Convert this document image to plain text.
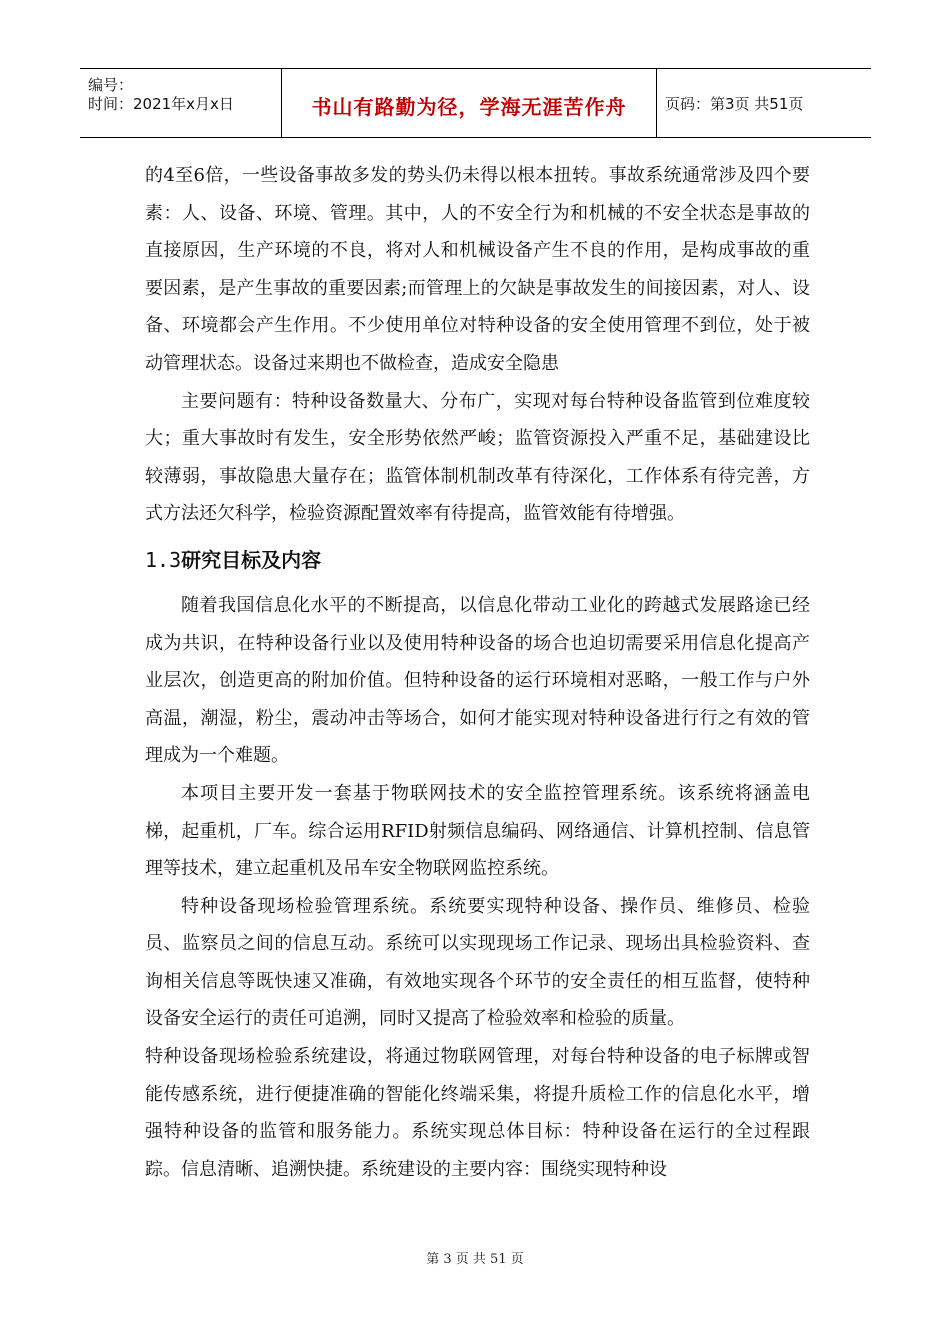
编号：
时间：2021年x月x日	书山有路勤为径，学海无涯苦作舟	页码：第3页 共51页

的4至6倍，一些设备事故多发的势头仍未得以根本扭转。事故系统通常涉及四个要素：人、设备、环境、管理。其中，人的不安全行为和机械的不安全状态是事故的直接原因，生产环境的不良，将对人和机械设备产生不良的作用，是构成事故的重要因素，是产生事故的重要因素;而管理上的欠缺是事故发生的间接因素，对人、设备、环境都会产生作用。不少使用单位对特种设备的安全使用管理不到位，处于被动管理状态。设备过来期也不做检查，造成安全隐患

主要问题有：特种设备数量大、分布广，实现对每台特种设备监管到位难度较大；重大事故时有发生，安全形势依然严峻；监管资源投入严重不足，基础建设比较薄弱，事故隐患大量存在；监管体制机制改革有待深化，工作体系有待完善，方式方法还欠科学，检验资源配置效率有待提高，监管效能有待增强。

1.3研究目标及内容

随着我国信息化水平的不断提高，以信息化带动工业化的跨越式发展路途已经成为共识，在特种设备行业以及使用特种设备的场合也迫切需要采用信息化提高产业层次，创造更高的附加价值。但特种设备的运行环境相对恶略，一般工作与户外高温，潮湿，粉尘，震动冲击等场合，如何才能实现对特种设备进行行之有效的管理成为一个难题。

本项目主要开发一套基于物联网技术的安全监控管理系统。该系统将涵盖电梯，起重机，厂车。综合运用RFID射频信息编码、网络通信、计算机控制、信息管理等技术，建立起重机及吊车安全物联网监控系统。

特种设备现场检验管理系统。系统要实现特种设备、操作员、维修员、检验员、监察员之间的信息互动。系统可以实现现场工作记录、现场出具检验资料、查询相关信息等既快速又准确，有效地实现各个环节的安全责任的相互监督，使特种设备安全运行的责任可追溯，同时又提高了检验效率和检验的质量。

特种设备现场检验系统建设，将通过物联网管理，对每台特种设备的电子标牌或智能传感系统，进行便捷准确的智能化终端采集，将提升质检工作的信息化水平，增强特种设备的监管和服务能力。系统实现总体目标：特种设备在运行的全过程跟踪。信息清晰、追溯快捷。系统建设的主要内容：围绕实现特种设

第 3 页 共 51 页
